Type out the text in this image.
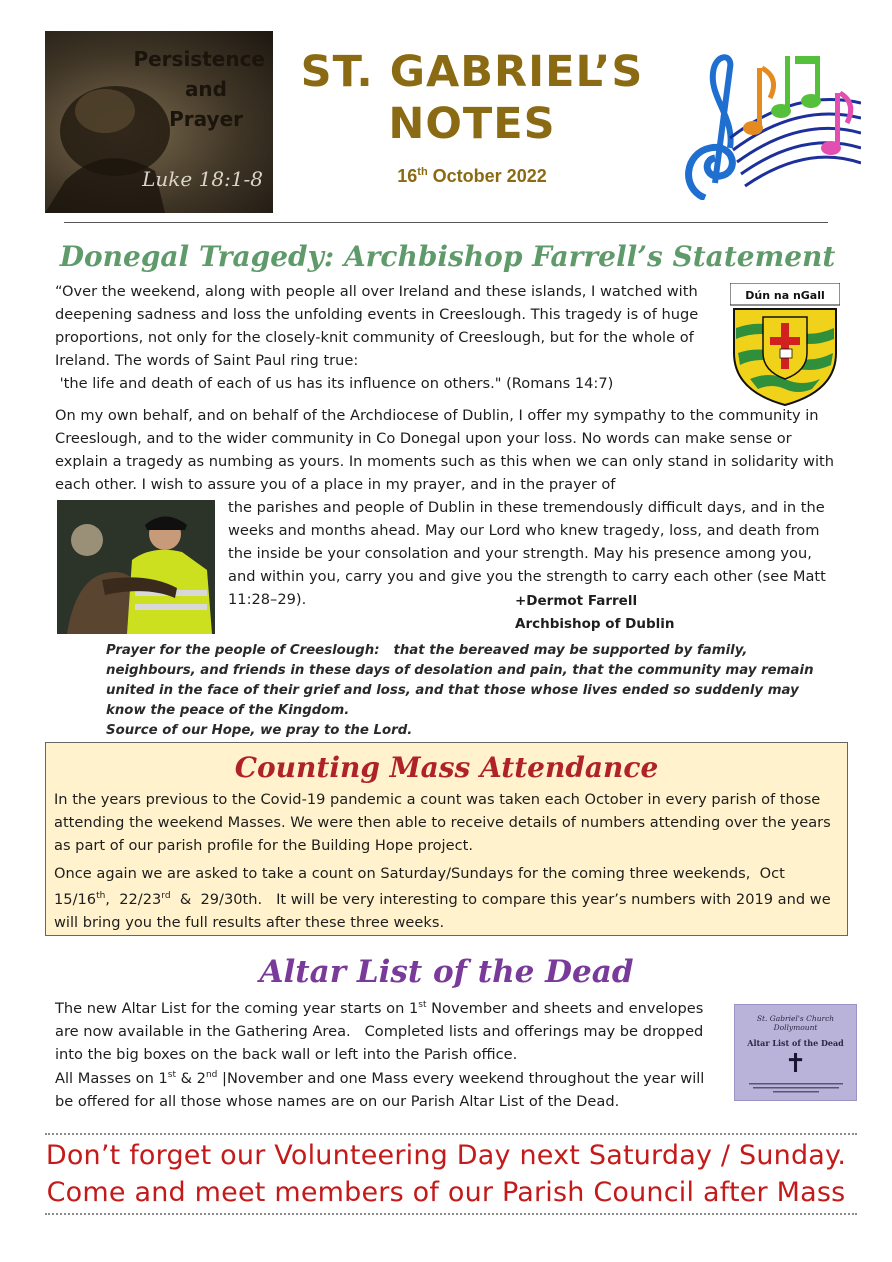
Persistence
and
Prayer
Luke 18:1-8
ST. GABRIEL’S
NOTES
16th October 2022
Donegal Tragedy: Archbishop Farrell’s Statement
“Over the weekend, along with people all over Ireland and these islands, I watched with deepening sadness and loss the unfolding events in Creeslough. This tragedy is of huge proportions, not only for the closely-knit community of Creeslough, but for the whole of Ireland. The words of Saint Paul ring true:
'the life and death of each of us has its influence on others." (Romans 14:7)
Dún na nGall
On my own behalf, and on behalf of the Archdiocese of Dublin, I offer my sympathy to the community in Creeslough, and to the wider community in Co Donegal upon your loss. No words can make sense or explain a tragedy as numbing as yours. In moments such as this when we can only stand in solidarity with each other. I wish to assure you of a place in my prayer, and in the prayer of
the parishes and people of Dublin in these tremendously difficult days, and in the weeks and months ahead. May our Lord who knew tragedy, loss, and death from the inside be your consolation and your strength. May his presence among you, and within you, carry you and give you the strength to carry each other (see Matt 11:28–29).	+Dermot Farrell
Archbishop of Dublin
Prayer for the people of Creeslough:   that the bereaved may be supported by family, neighbours, and friends in these days of desolation and pain, that the community may remain united in the face of their grief and loss, and that those whose lives ended so suddenly may know the peace of the Kingdom.
Source of our Hope, we pray to the Lord.
Counting Mass Attendance
In the years previous to the Covid-19 pandemic a count was taken each October in every parish of those attending the weekend Masses. We were then able to receive details of numbers attending over the years as part of our parish profile for the Building Hope project.
Once again we are asked to take a count on Saturday/Sundays for the coming three weekends,  Oct 15/16th,  22/23rd  &  29/30th.   It will be very interesting to compare this year’s numbers with 2019 and we will bring you the full results after these three weeks.
Altar List of the Dead
The new Altar List for the coming year starts on 1st November and sheets and envelopes are now available in the Gathering Area.   Completed lists and offerings may be dropped into the big boxes on the back wall or left into the Parish office.
All Masses on 1st & 2nd |November and one Mass every weekend throughout the year will be offered for all those whose names are on our Parish Altar List of the Dead.
St. Gabriel's Church Dollymount
Altar List of the Dead
✝
Don’t forget our Volunteering Day next Saturday / Sunday.
Come and meet members of our Parish Council after Mass
